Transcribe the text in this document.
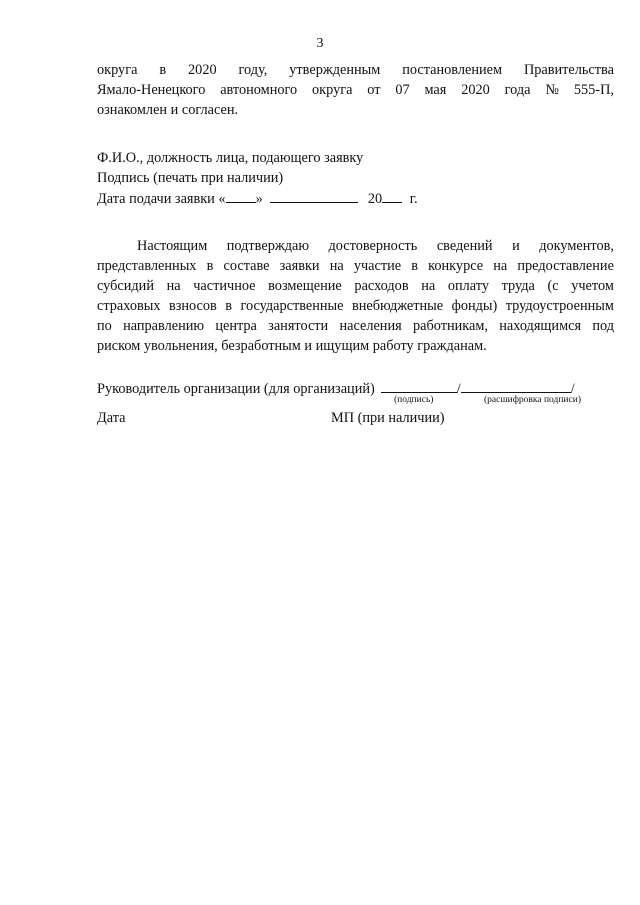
3
округа в 2020 году, утвержденным постановлением Правительства
Ямало-Ненецкого автономного округа от 07 мая 2020 года № 555-П,
ознакомлен и согласен.
Ф.И.О., должность лица, подающего заявку
Подпись (печать при наличии)
Дата подачи заявки « »	20 г.
Настоящим подтверждаю достоверность сведений и документов,
представленных в составе заявки на участие в конкурсе на предоставление
субсидий на частичное возмещение расходов на оплату труда (с учетом
страховых взносов в государственные внебюджетные фонды) трудоустроенным
по направлению центра занятости населения работникам, находящимся под
риском увольнения, безработным и ищущим работу гражданам.
Руководитель организации (для организаций)	/	/
(подпись)	(расшифровка подписи)
Дата	МП (при наличии)
